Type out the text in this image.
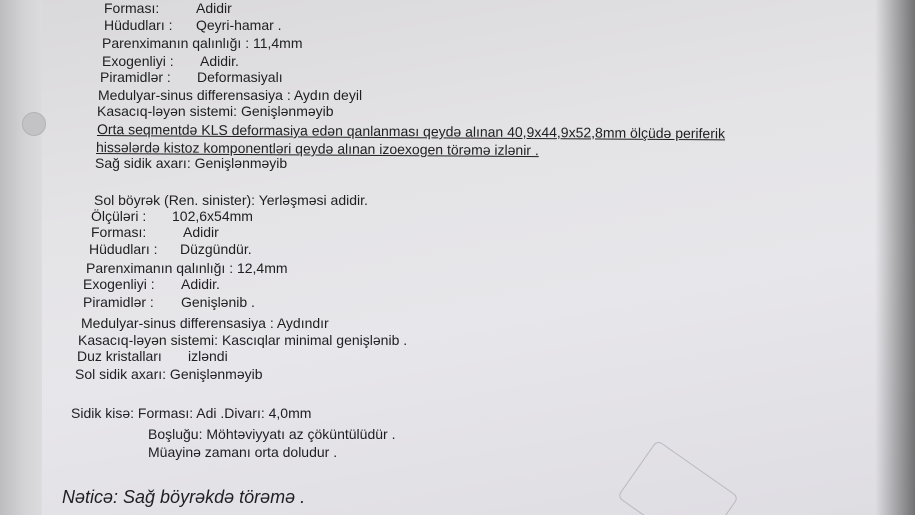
Forması:	Adidir
Hüdudları : Qeyri-hamar .
Parenximanın qalınlığı : 11,4mm
Exogenliyi : Adidir.
Piramidlər : Deformasiyalı
Medulyar-sinus differensasiya : Aydın deyil
Kasacıq-ləyən sistemi: Genişlənməyib
Orta seqmentdə KLS deformasiya edən qanlanması qeydə alınan 40,9x44,9x52,8mm ölçüdə periferik
hissələrdə kistoz komponentləri qeydə alınan izoexogen törəmə izlənir .
Sağ sidik axarı: Genişlənməyib
Sol böyrək (Ren. sinister): Yerləşməsi adidir.
Ölçüləri : 102,6x54mm
Forması:	Adidir
Hüdudları : Düzgündür.
Parenximanın qalınlığı : 12,4mm
Exogenliyi : Adidir.
Piramidlər : Genişlənib .
Medulyar-sinus differensasiya : Aydındır
Kasacıq-ləyən sistemi: Kascıqlar minimal genişlənib .
Duz kristalları izləndi
Sol sidik axarı: Genişlənməyib
Sidik kisə: Forması: Adi .Divarı: 4,0mm
Boşluğu: Möhtəviyyatı az çöküntülüdür .
Müayinə zamanı orta doludur .
Nəticə: Sağ böyrəkdə törəmə .
